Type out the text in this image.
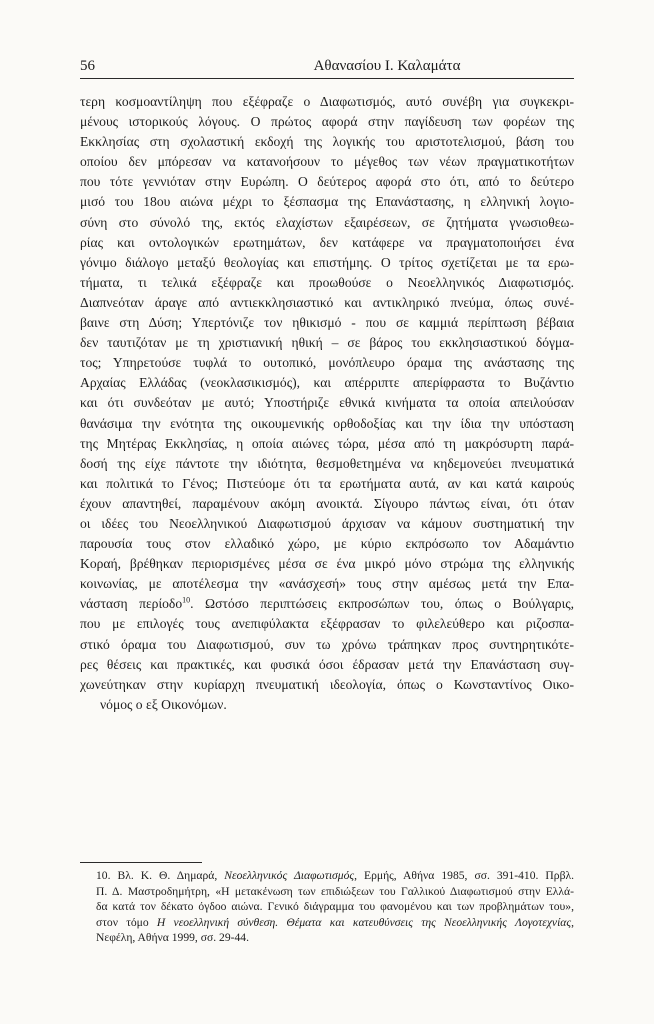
56	Αθανασίου Ι. Καλαμάτα
τερη κοσμοαντίληψη που εξέφραζε ο Διαφωτισμός, αυτό συνέβη για συγκεκρι-
μένους ιστορικούς λόγους. Ο πρώτος αφορά στην παγίδευση των φορέων της
Εκκλησίας στη σχολαστική εκδοχή της λογικής του αριστοτελισμού, βάση του
οποίου δεν μπόρεσαν να κατανοήσουν το μέγεθος των νέων πραγματικοτήτων
που τότε γεννιόταν στην Ευρώπη. Ο δεύτερος αφορά στο ότι, από το δεύτερο
μισό του 18ου αιώνα μέχρι το ξέσπασμα της Επανάστασης, η ελληνική λογιο-
σύνη στο σύνολό της, εκτός ελαχίστων εξαιρέσεων, σε ζητήματα γνωσιοθεω-
ρίας και οντολογικών ερωτημάτων, δεν κατάφερε να πραγματοποιήσει ένα
γόνιμο διάλογο μεταξύ θεολογίας και επιστήμης. Ο τρίτος σχετίζεται με τα ερω-
τήματα, τι τελικά εξέφραζε και προωθούσε ο Νεοελληνικός Διαφωτισμός.
Διαπνεόταν άραγε από αντιεκκλησιαστικό και αντικληρικό πνεύμα, όπως συνέ-
βαινε στη Δύση; Υπερτόνιζε τον ηθικισμό - που σε καμμιά περίπτωση βέβαια
δεν ταυτιζόταν με τη χριστιανική ηθική – σε βάρος του εκκλησιαστικού δόγμα-
τος; Υπηρετούσε τυφλά το ουτοπικό, μονόπλευρο όραμα της ανάστασης της
Αρχαίας Ελλάδας (νεοκλασικισμός), και απέρριπτε απερίφραστα το Βυζάντιο
και ότι συνδεόταν με αυτό; Υποστήριζε εθνικά κινήματα τα οποία απειλούσαν
θανάσιμα την ενότητα της οικουμενικής ορθοδοξίας και την ίδια την υπόσταση
της Μητέρας Εκκλησίας, η οποία αιώνες τώρα, μέσα από τη μακρόσυρτη παρά-
δοσή της είχε πάντοτε την ιδιότητα, θεσμοθετημένα να κηδεμονεύει πνευματικά
και πολιτικά το Γένος; Πιστεύομε ότι τα ερωτήματα αυτά, αν και κατά καιρούς
έχουν απαντηθεί, παραμένουν ακόμη ανοικτά. Σίγουρο πάντως είναι, ότι όταν
οι ιδέες του Νεοελληνικού Διαφωτισμού άρχισαν να κάμουν συστηματική την
παρουσία τους στον ελλαδικό χώρο, με κύριο εκπρόσωπο τον Αδαμάντιο
Κοραή, βρέθηκαν περιορισμένες μέσα σε ένα μικρό μόνο στρώμα της ελληνικής
κοινωνίας, με αποτέλεσμα την «ανάσχεσή» τους στην αμέσως μετά την Επα-
νάσταση περίοδο$^{10}$. Ωστόσο περιπτώσεις εκπροσώπων του, όπως ο Βούλγαρις,
που με επιλογές τους ανεπιφύλακτα εξέφρασαν το φιλελεύθερο και ριζοσπα-
στικό όραμα του Διαφωτισμού, συν τω χρόνω τράπηκαν προς συντηρητικότε-
ρες θέσεις και πρακτικές, και φυσικά όσοι έδρασαν μετά την Επανάσταση συγ-
χωνεύτηκαν στην κυρίαρχη πνευματική ιδεολογία, όπως ο Κωνσταντίνος Οικο-
νόμος ο εξ Οικονόμων.
10. Βλ. Κ. Θ. Δημαρά, Νεοελληνικός Διαφωτισμός, Ερμής, Αθήνα 1985, σσ. 391-410. Πρβλ.
Π. Δ. Μαστροδημήτρη, «Η μετακένωση των επιδιώξεων του Γαλλικού Διαφωτισμού στην Ελλά-
δα κατά τον δέκατο όγδοο αιώνα. Γενικό διάγραμμα του φανομένου και των προβλημάτων του»,
στον τόμο Η νεοελληνική σύνθεση. Θέματα και κατευθύνσεις της Νεοελληνικής Λογοτεχνίας,
Νεφέλη, Αθήνα 1999, σσ. 29-44.
